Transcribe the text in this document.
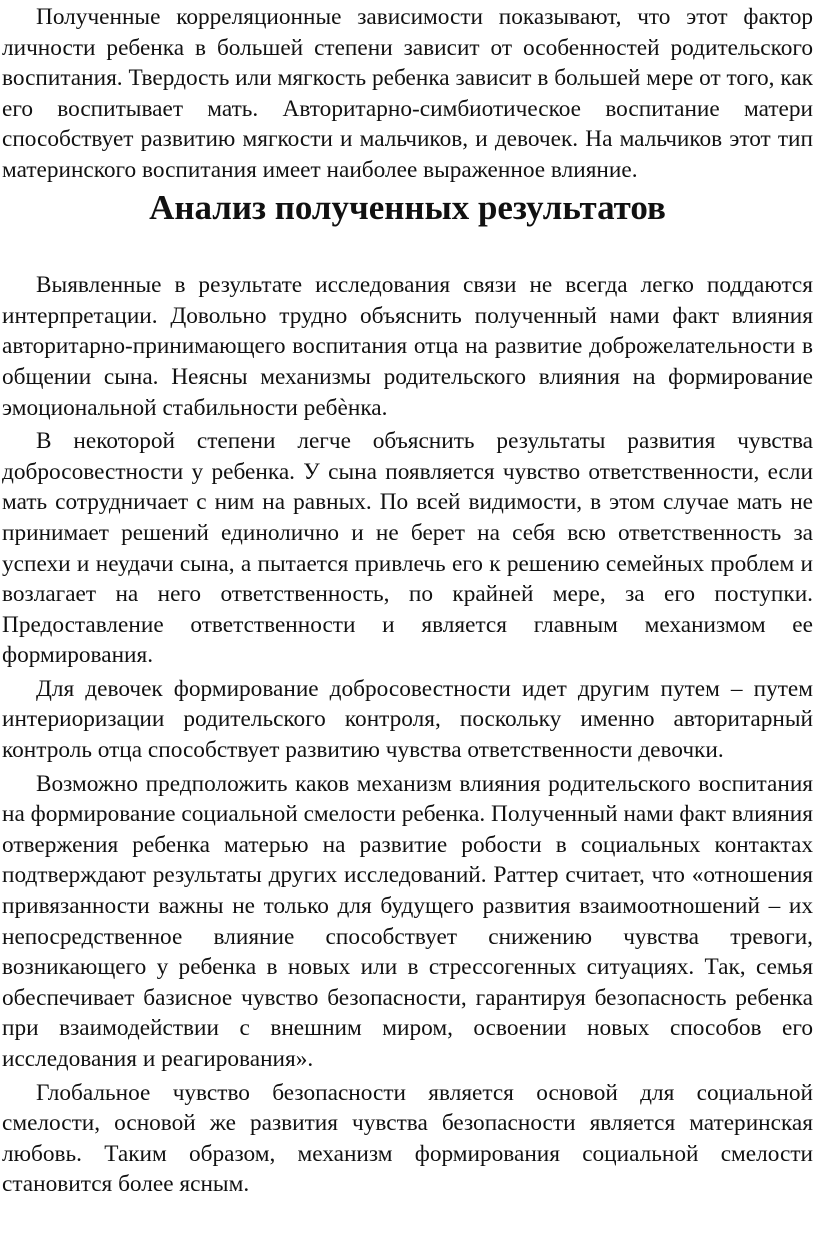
Полученные корреляционные зависимости показывают, что этот фактор личности ребенка в большей степени зависит от особенностей родительского воспитания. Твердость или мягкость ребенка зависит в большей мере от того, как его воспитывает мать. Авторитарно-симбиотическое воспитание матери способствует развитию мягкости и мальчиков, и девочек. На мальчиков этот тип материнского воспитания имеет наиболее выраженное влияние.

Анализ полученных результатов

Выявленные в результате исследования связи не всегда легко поддаются интерпретации. Довольно трудно объяснить полученный нами факт влияния авторитарно-принимающего воспитания отца на развитие доброжелательности в общении сына. Неясны механизмы родительского влияния на формирование эмоциональной стабильности ребѐнка.

В некоторой степени легче объяснить результаты развития чувства добросовестности у ребенка. У сына появляется чувство ответственности, если мать сотрудничает с ним на равных. По всей видимости, в этом случае мать не принимает решений единолично и не берет на себя всю ответственность за успехи и неудачи сына, а пытается привлечь его к решению семейных проблем и возлагает на него ответственность, по крайней мере, за его поступки. Предоставление ответственности и является главным механизмом ее формирования.

Для девочек формирование добросовестности идет другим путем – путем интериоризации родительского контроля, поскольку именно авторитарный контроль отца способствует развитию чувства ответственности девочки.

Возможно предположить каков механизм влияния родительского воспитания на формирование социальной смелости ребенка. Полученный нами факт влияния отвержения ребенка матерью на развитие робости в социальных контактах подтверждают результаты других исследований. Раттер считает, что «отношения привязанности важны не только для будущего развития взаимоотношений – их непосредственное влияние способствует снижению чувства тревоги, возникающего у ребенка в новых или в стрессогенных ситуациях. Так, семья обеспечивает базисное чувство безопасности, гарантируя безопасность ребенка при взаимодействии с внешним миром, освоении новых способов его исследования и реагирования».

Глобальное чувство безопасности является основой для социальной смелости, основой же развития чувства безопасности является материнская любовь. Таким образом, механизм формирования социальной смелости становится более ясным.
